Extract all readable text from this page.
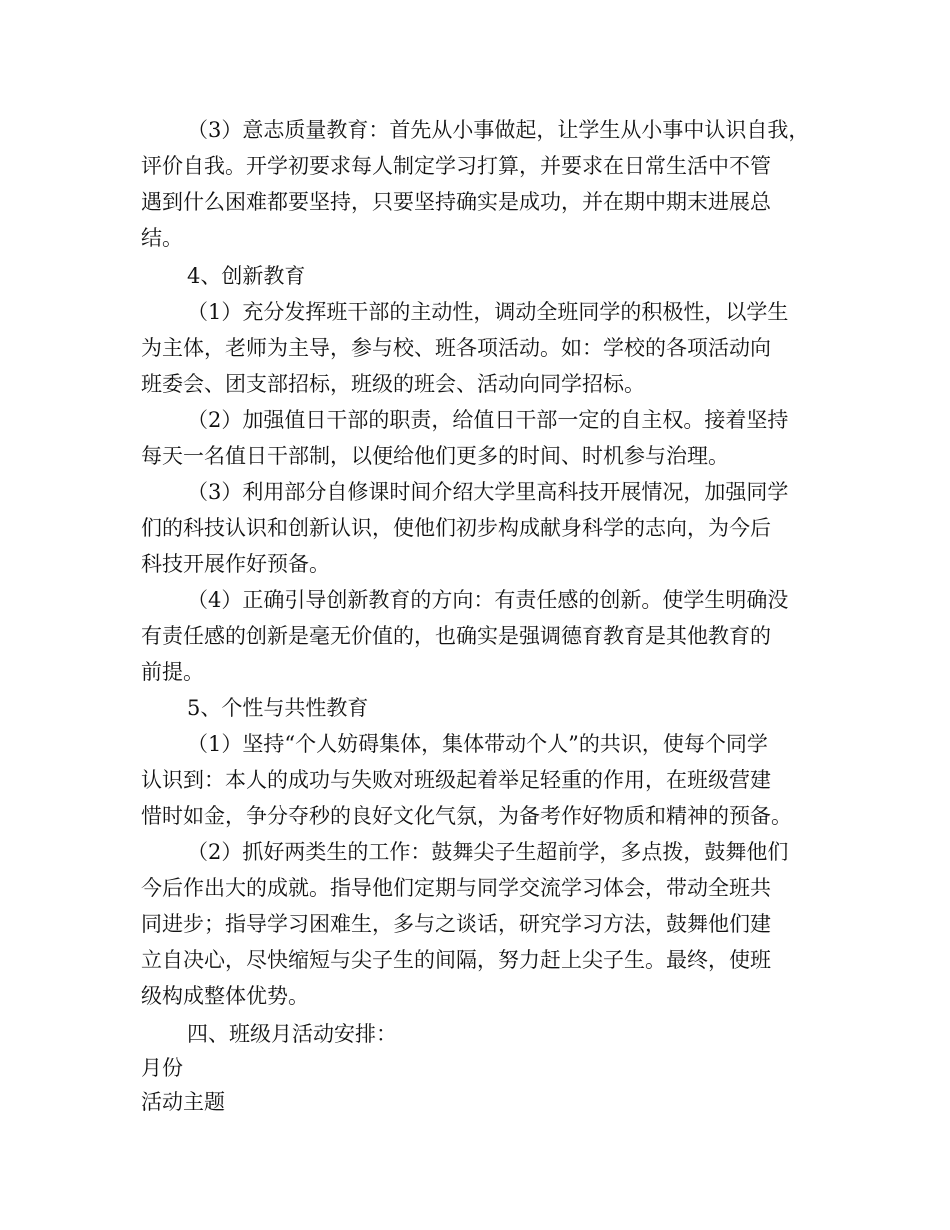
（3）意志质量教育：首先从小事做起，让学生从小事中认识自我，
评价自我。开学初要求每人制定学习打算，并要求在日常生活中不管
遇到什么困难都要坚持，只要坚持确实是成功，并在期中期末进展总
结。
4、创新教育
（1）充分发挥班干部的主动性，调动全班同学的积极性，以学生
为主体，老师为主导，参与校、班各项活动。如：学校的各项活动向
班委会、团支部招标，班级的班会、活动向同学招标。
（2）加强值日干部的职责，给值日干部一定的自主权。接着坚持
每天一名值日干部制，以便给他们更多的时间、时机参与治理。
（3）利用部分自修课时间介绍大学里高科技开展情况，加强同学
们的科技认识和创新认识，使他们初步构成献身科学的志向，为今后
科技开展作好预备。
（4）正确引导创新教育的方向：有责任感的创新。使学生明确没
有责任感的创新是毫无价值的，也确实是强调德育教育是其他教育的
前提。
5、个性与共性教育
（1）坚持“个人妨碍集体，集体带动个人”的共识，使每个同学
认识到：本人的成功与失败对班级起着举足轻重的作用，在班级营建
惜时如金，争分夺秒的良好文化气氛，为备考作好物质和精神的预备。
（2）抓好两类生的工作：鼓舞尖子生超前学，多点拨，鼓舞他们
今后作出大的成就。指导他们定期与同学交流学习体会，带动全班共
同进步；指导学习困难生，多与之谈话，研究学习方法，鼓舞他们建
立自决心，尽快缩短与尖子生的间隔，努力赶上尖子生。最终，使班
级构成整体优势。
四、班级月活动安排：
月份
活动主题
